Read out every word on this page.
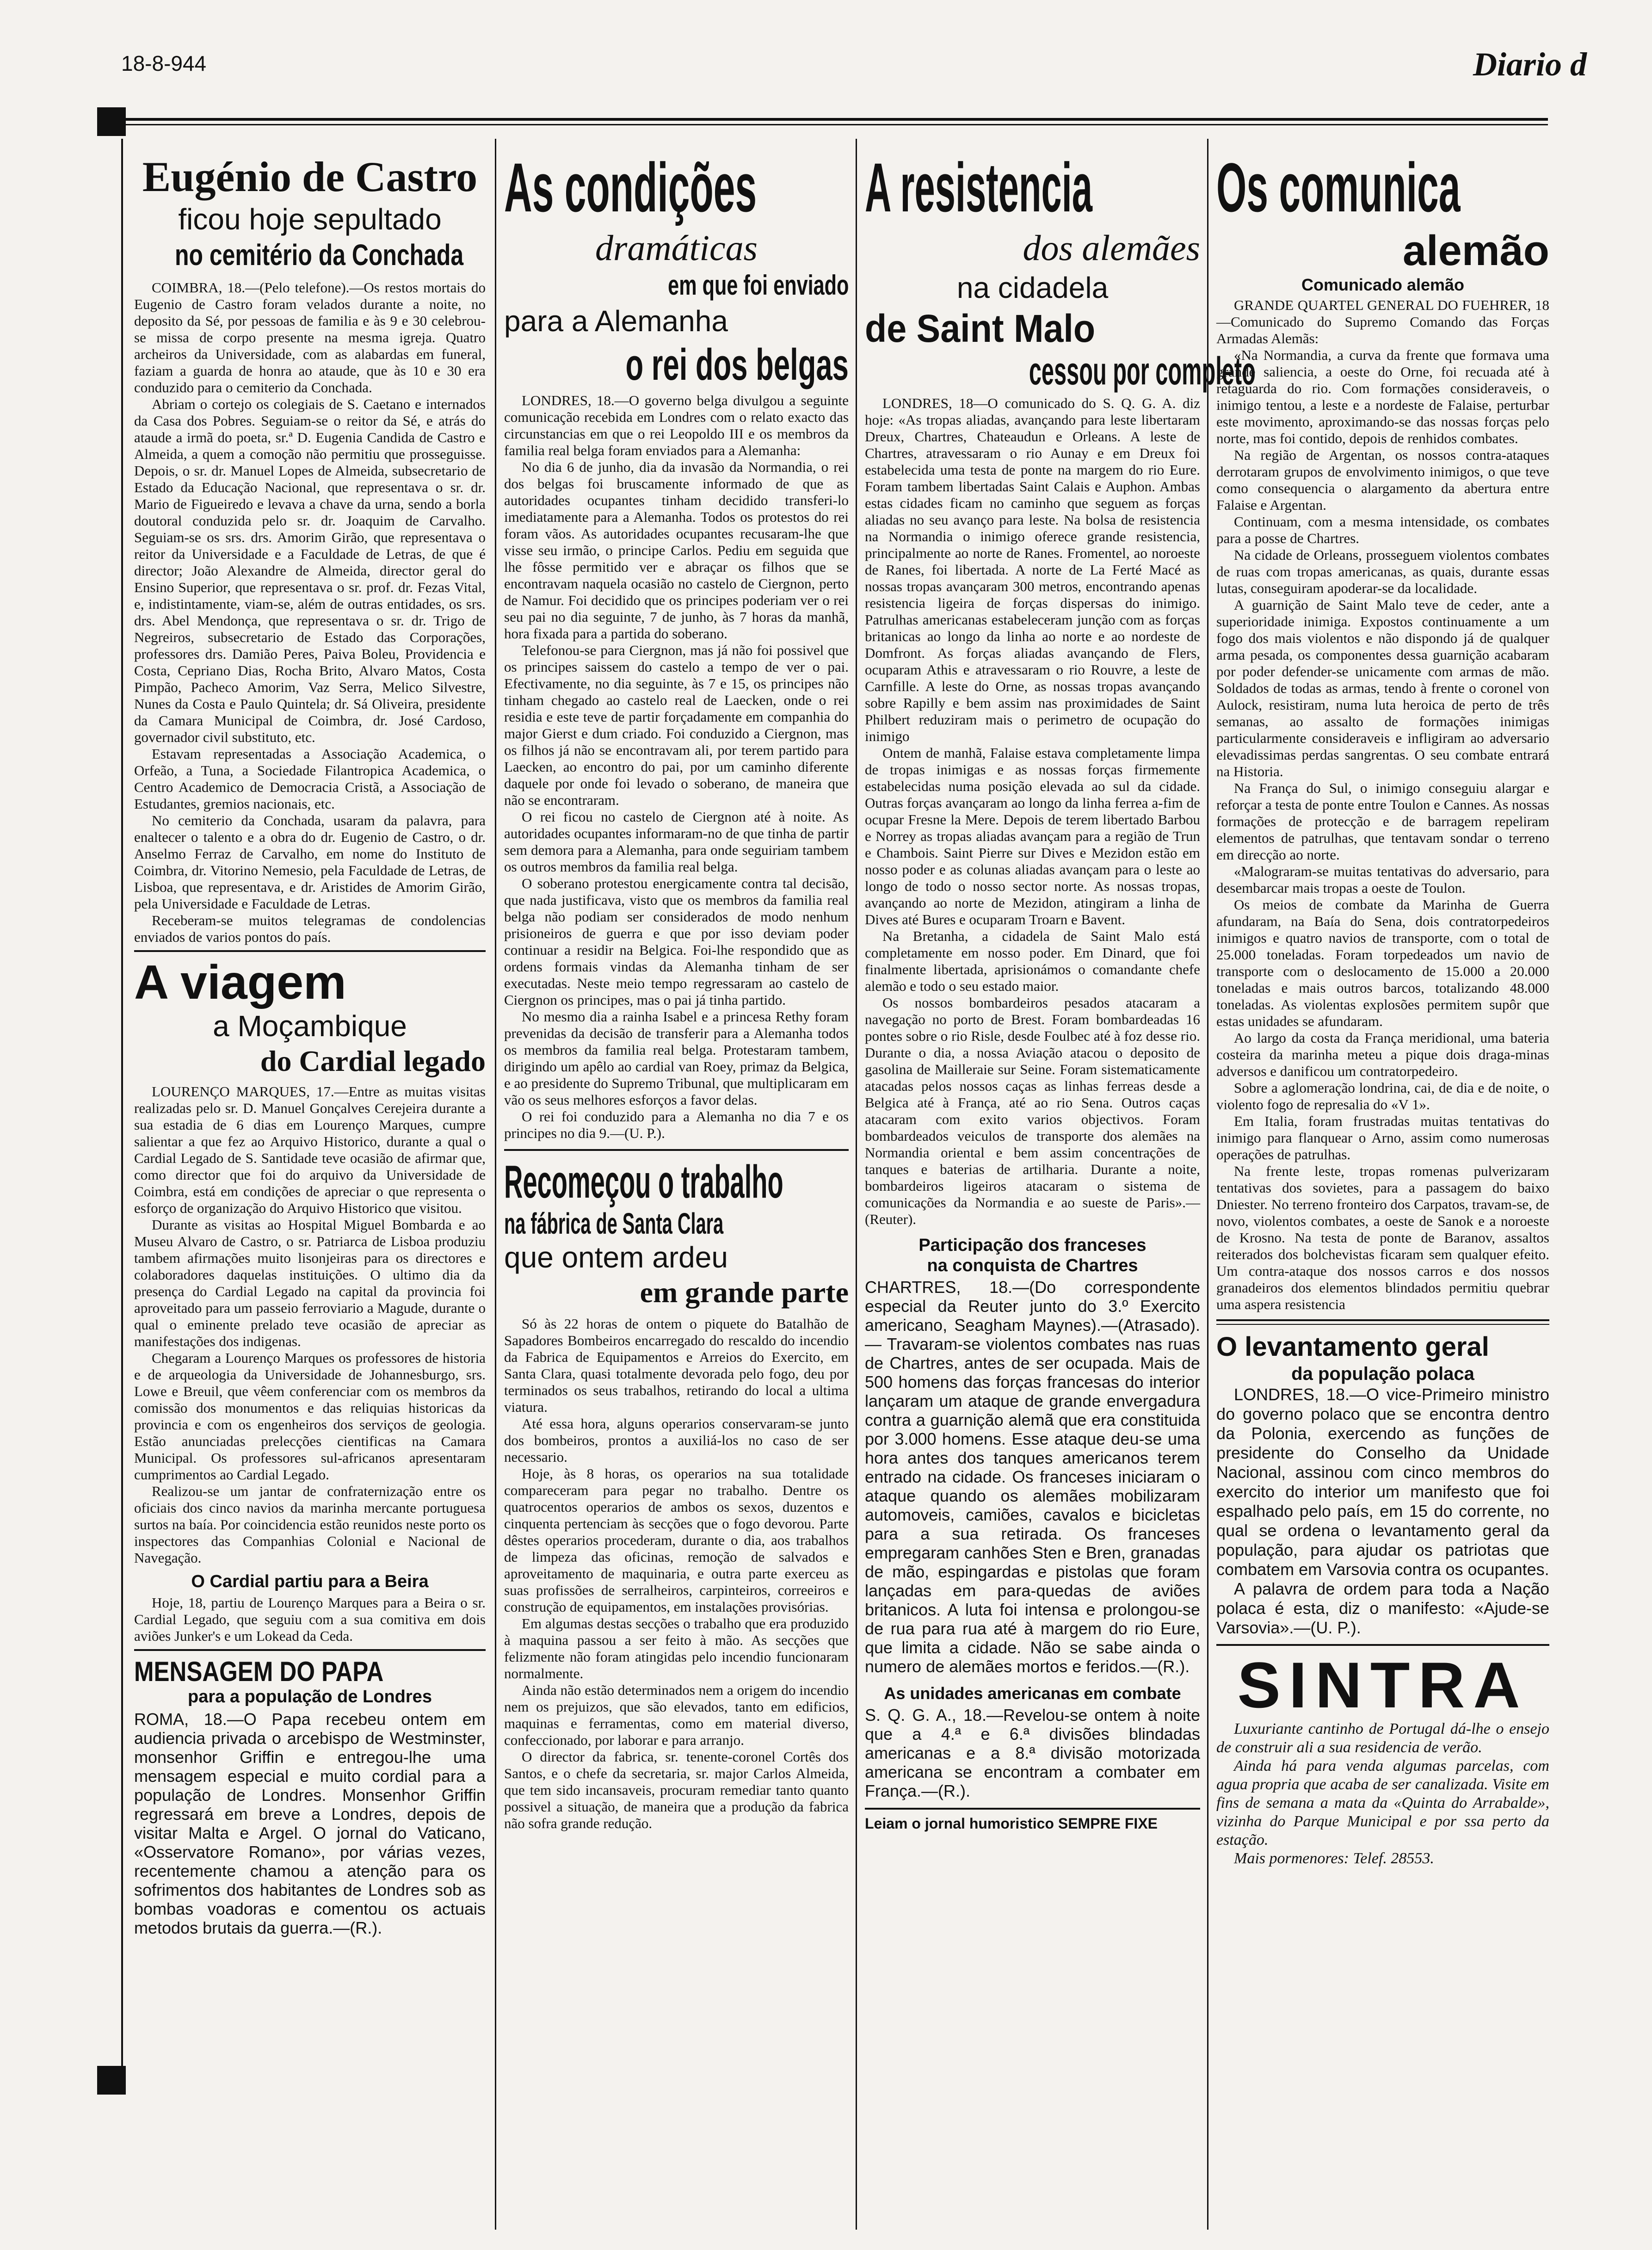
18-8-944	Diario d
Eugénio de Castro
ficou hoje sepultado
no cemitério da Conchada

COIMBRA, 18.—(Pelo telefone).—Os restos mortais do Eugenio de Castro foram velados durante a noite, no deposito da Sé, por pessoas de familia e às 9 e 30 celebrou-se missa de corpo presente na mesma igreja. Quatro archeiros da Universidade, com as alabardas em funeral, faziam a guarda de honra ao ataude, que às 10 e 30 era conduzido para o cemiterio da Conchada.

Abriam o cortejo os colegiais de S. Caetano e internados da Casa dos Pobres. Seguiam-se o reitor da Sé, e atrás do ataude a irmã do poeta, sr.ª D. Eugenia Candida de Castro e Almeida, a quem a comoção não permitiu que prosseguisse. Depois, o sr. dr. Manuel Lopes de Almeida, subsecretario de Estado da Educação Nacional, que representava o sr. dr. Mario de Figueiredo e levava a chave da urna, sendo a borla doutoral conduzida pelo sr. dr. Joaquim de Carvalho. Seguiam-se os srs. drs. Amorim Girão, que representava o reitor da Universidade e a Faculdade de Letras, de que é director; João Alexandre de Almeida, director geral do Ensino Superior, que representava o sr. prof. dr. Fezas Vital, e, indistintamente, viam-se, além de outras entidades, os srs. drs. Abel Mendonça, que representava o sr. dr. Trigo de Negreiros, subsecretario de Estado das Corporações, professores drs. Damião Peres, Paiva Boleu, Providencia e Costa, Cepriano Dias, Rocha Brito, Alvaro Matos, Costa Pimpão, Pacheco Amorim, Vaz Serra, Melico Silvestre, Nunes da Costa e Paulo Quintela; dr. Sá Oliveira, presidente da Camara Municipal de Coimbra, dr. José Cardoso, governador civil substituto, etc.

Estavam representadas a Associação Academica, o Orfeão, a Tuna, a Sociedade Filantropica Academica, o Centro Academico de Democracia Cristã, a Associação de Estudantes, gremios nacionais, etc.

No cemiterio da Conchada, usaram da palavra, para enaltecer o talento e a obra do dr. Eugenio de Castro, o dr. Anselmo Ferraz de Carvalho, em nome do Instituto de Coimbra, dr. Vitorino Nemesio, pela Faculdade de Letras, de Lisboa, que representava, e dr. Aristides de Amorim Girão, pela Universidade e Faculdade de Letras.

Receberam-se muitos telegramas de condolencias enviados de varios pontos do país.

A viagem
a Moçambique
do Cardial legado

LOURENÇO MARQUES, 17.—Entre as muitas visitas realizadas pelo sr. D. Manuel Gonçalves Cerejeira durante a sua estadia de 6 dias em Lourenço Marques, cumpre salientar a que fez ao Arquivo Historico, durante a qual o Cardial Legado de S. Santidade teve ocasião de afirmar que, como director que foi do arquivo da Universidade de Coimbra, está em condições de apreciar o que representa o esforço de organização do Arquivo Historico que visitou.

Durante as visitas ao Hospital Miguel Bombarda e ao Museu Alvaro de Castro, o sr. Patriarca de Lisboa produziu tambem afirmações muito lisonjeiras para os directores e colaboradores daquelas instituições. O ultimo dia da presença do Cardial Legado na capital da provincia foi aproveitado para um passeio ferroviario a Magude, durante o qual o eminente prelado teve ocasião de apreciar as manifestações dos indigenas.

Chegaram a Lourenço Marques os professores de historia e de arqueologia da Universidade de Johannesburgo, srs. Lowe e Breuil, que vêem conferenciar com os membros da comissão dos monumentos e das reliquias historicas da provincia e com os engenheiros dos serviços de geologia. Estão anunciadas prelecções cientificas na Camara Municipal. Os professores sul-africanos apresentaram cumprimentos ao Cardial Legado.

Realizou-se um jantar de confraternização entre os oficiais dos cinco navios da marinha mercante portuguesa surtos na baía. Por coincidencia estão reunidos neste porto os inspectores das Companhias Colonial e Nacional de Navegação.

O Cardial partiu para a Beira

Hoje, 18, partiu de Lourenço Marques para a Beira o sr. Cardial Legado, que seguiu com a sua comitiva em dois aviões Junker's e um Lokead da Ceda.

MENSAGEM DO PAPA
para a população de Londres
ROMA, 18.—O Papa recebeu ontem em audiencia privada o arcebispo de Westminster, monsenhor Griffin e entregou-lhe uma mensagem especial e muito cordial para a população de Londres. Monsenhor Griffin regressará em breve a Londres, depois de visitar Malta e Argel. O jornal do Vaticano, «Osservatore Romano», por várias vezes, recentemente chamou a atenção para os sofrimentos dos habitantes de Londres sob as bombas voadoras e comentou os actuais metodos brutais da guerra.—(R.).
As condições
dramáticas
em que foi enviado
para a Alemanha
o rei dos belgas

LONDRES, 18.—O governo belga divulgou a seguinte comunicação recebida em Londres com o relato exacto das circunstancias em que o rei Leopoldo III e os membros da familia real belga foram enviados para a Alemanha:

No dia 6 de junho, dia da invasão da Normandia, o rei dos belgas foi bruscamente informado de que as autoridades ocupantes tinham decidido transferi-lo imediatamente para a Alemanha. Todos os protestos do rei foram vãos. As autoridades ocupantes recusaram-lhe que visse seu irmão, o principe Carlos. Pediu em seguida que lhe fôsse permitido ver e abraçar os filhos que se encontravam naquela ocasião no castelo de Ciergnon, perto de Namur. Foi decidido que os principes poderiam ver o rei seu pai no dia seguinte, 7 de junho, às 7 horas da manhã, hora fixada para a partida do soberano.

Telefonou-se para Ciergnon, mas já não foi possivel que os principes saissem do castelo a tempo de ver o pai. Efectivamente, no dia seguinte, às 7 e 15, os principes não tinham chegado ao castelo real de Laecken, onde o rei residia e este teve de partir forçadamente em companhia do major Gierst e dum criado. Foi conduzido a Ciergnon, mas os filhos já não se encontravam ali, por terem partido para Laecken, ao encontro do pai, por um caminho diferente daquele por onde foi levado o soberano, de maneira que não se encontraram.

O rei ficou no castelo de Ciergnon até à noite. As autoridades ocupantes informaram-no de que tinha de partir sem demora para a Alemanha, para onde seguiriam tambem os outros membros da familia real belga.

O soberano protestou energicamente contra tal decisão, que nada justificava, visto que os membros da familia real belga não podiam ser considerados de modo nenhum prisioneiros de guerra e que por isso deviam poder continuar a residir na Belgica. Foi-lhe respondido que as ordens formais vindas da Alemanha tinham de ser executadas. Neste meio tempo regressaram ao castelo de Ciergnon os principes, mas o pai já tinha partido.

No mesmo dia a rainha Isabel e a princesa Rethy foram prevenidas da decisão de transferir para a Alemanha todos os membros da familia real belga. Protestaram tambem, dirigindo um apêlo ao cardial van Roey, primaz da Belgica, e ao presidente do Supremo Tribunal, que multiplicaram em vão os seus melhores esforços a favor delas.

O rei foi conduzido para a Alemanha no dia 7 e os principes no dia 9.—(U. P.).

Recomeçou o trabalho
na fábrica de Santa Clara
que ontem ardeu
em grande parte

Só às 22 horas de ontem o piquete do Batalhão de Sapadores Bombeiros encarregado do rescaldo do incendio da Fabrica de Equipamentos e Arreios do Exercito, em Santa Clara, quasi totalmente devorada pelo fogo, deu por terminados os seus trabalhos, retirando do local a ultima viatura.

Até essa hora, alguns operarios conservaram-se junto dos bombeiros, prontos a auxiliá-los no caso de ser necessario.

Hoje, às 8 horas, os operarios na sua totalidade compareceram para pegar no trabalho. Dentre os quatrocentos operarios de ambos os sexos, duzentos e cinquenta pertenciam às secções que o fogo devorou. Parte dêstes operarios procederam, durante o dia, aos trabalhos de limpeza das oficinas, remoção de salvados e aproveitamento de maquinaria, e outra parte exerceu as suas profissões de serralheiros, carpinteiros, correeiros e construção de equipamentos, em instalações provisórias.

Em algumas destas secções o trabalho que era produzido à maquina passou a ser feito à mão. As secções que felizmente não foram atingidas pelo incendio funcionaram normalmente.

Ainda não estão determinados nem a origem do incendio nem os prejuizos, que são elevados, tanto em edificios, maquinas e ferramentas, como em material diverso, confeccionado, por laborar e para arranjo.

O director da fabrica, sr. tenente-coronel Cortês dos Santos, e o chefe da secretaria, sr. major Carlos Almeida, que tem sido incansaveis, procuram remediar tanto quanto possivel a situação, de maneira que a produção da fabrica não sofra grande redução.

A resistencia
dos alemães
na cidadela
de Saint Malo
cessou por completo

LONDRES, 18—O comunicado do S. Q. G. A. diz hoje: «As tropas aliadas, avançando para leste libertaram Dreux, Chartres, Chateaudun e Orleans. A leste de Chartres, atravessaram o rio Aunay e em Dreux foi estabelecida uma testa de ponte na margem do rio Eure. Foram tambem libertadas Saint Calais e Auphon. Ambas estas cidades ficam no caminho que seguem as forças aliadas no seu avanço para leste. Na bolsa de resistencia na Normandia o inimigo oferece grande resistencia, principalmente ao norte de Ranes. Fromentel, ao noroeste de Ranes, foi libertada. A norte de La Ferté Macé as nossas tropas avançaram 300 metros, encontrando apenas resistencia ligeira de forças dispersas do inimigo. Patrulhas americanas estabeleceram junção com as forças britanicas ao longo da linha ao norte e ao nordeste de Domfront. As forças aliadas avançando de Flers, ocuparam Athis e atravessaram o rio Rouvre, a leste de Carnfille. A leste do Orne, as nossas tropas avançando sobre Rapilly e bem assim nas proximidades de Saint Philbert reduziram mais o perimetro de ocupação do inimigo

Ontem de manhã, Falaise estava completamente limpa de tropas inimigas e as nossas forças firmemente estabelecidas numa posição elevada ao sul da cidade. Outras forças avançaram ao longo da linha ferrea a-fim de ocupar Fresne la Mere. Depois de terem libertado Barbou e Norrey as tropas aliadas avançam para a região de Trun e Chambois. Saint Pierre sur Dives e Mezidon estão em nosso poder e as colunas aliadas avançam para o leste ao longo de todo o nosso sector norte. As nossas tropas, avançando ao norte de Mezidon, atingiram a linha de Dives até Bures e ocuparam Troarn e Bavent.

Na Bretanha, a cidadela de Saint Malo está completamente em nosso poder. Em Dinard, que foi finalmente libertada, aprisionámos o comandante chefe alemão e todo o seu estado maior.

Os nossos bombardeiros pesados atacaram a navegação no porto de Brest. Foram bombardeadas 16 pontes sobre o rio Risle, desde Foulbec até à foz desse rio. Durante o dia, a nossa Aviação atacou o deposito de gasolina de Mailleraie sur Seine. Foram sistematicamente atacadas pelos nossos caças as linhas ferreas desde a Belgica até à França, até ao rio Sena. Outros caças atacaram com exito varios objectivos. Foram bombardeados veiculos de transporte dos alemães na Normandia oriental e bem assim concentrações de tanques e baterias de artilharia. Durante a noite, bombardeiros ligeiros atacaram o sistema de comunicações da Normandia e ao sueste de Paris».—(Reuter).

Participação dos franceses
na conquista de Chartres
CHARTRES, 18.—(Do correspondente especial da Reuter junto do 3.º Exercito americano, Seagham Maynes).—(Atrasado). — Travaram-se violentos combates nas ruas de Chartres, antes de ser ocupada. Mais de 500 homens das forças francesas do interior lançaram um ataque de grande envergadura contra a guarnição alemã que era constituida por 3.000 homens. Esse ataque deu-se uma hora antes dos tanques americanos terem entrado na cidade. Os franceses iniciaram o ataque quando os alemães mobilizaram automoveis, camiões, cavalos e bicicletas para a sua retirada. Os franceses empregaram canhões Sten e Bren, granadas de mão, espingardas e pistolas que foram lançadas em para-quedas de aviões britanicos. A luta foi intensa e prolongou-se de rua para rua até à margem do rio Eure, que limita a cidade. Não se sabe ainda o numero de alemães mortos e feridos.—(R.).
As unidades americanas em combate
S. Q. G. A., 18.—Revelou-se ontem à noite que a 4.ª e 6.ª divisões blindadas americanas e a 8.ª divisão motorizada americana se encontram a combater em França.—(R.).
Leiam o jornal humoristico SEMPRE FIXE
Os comunica
alemão
Comunicado alemão

GRANDE QUARTEL GENERAL DO FUEHRER, 18—Comunicado do Supremo Comando das Forças Armadas Alemãs:

«Na Normandia, a curva da frente que formava uma grande saliencia, a oeste do Orne, foi recuada até à retaguarda do rio. Com formações consideraveis, o inimigo tentou, a leste e a nordeste de Falaise, perturbar este movimento, aproximando-se das nossas forças pelo norte, mas foi contido, depois de renhidos combates.

Na região de Argentan, os nossos contra-ataques derrotaram grupos de envolvimento inimigos, o que teve como consequencia o alargamento da abertura entre Falaise e Argentan.

Continuam, com a mesma intensidade, os combates para a posse de Chartres.

Na cidade de Orleans, prosseguem violentos combates de ruas com tropas americanas, as quais, durante essas lutas, conseguiram apoderar-se da localidade.

A guarnição de Saint Malo teve de ceder, ante a superioridade inimiga. Expostos continuamente a um fogo dos mais violentos e não dispondo já de qualquer arma pesada, os componentes dessa guarnição acabaram por poder defender-se unicamente com armas de mão. Soldados de todas as armas, tendo à frente o coronel von Aulock, resistiram, numa luta heroica de perto de três semanas, ao assalto de formações inimigas particularmente consideraveis e infligiram ao adversario elevadissimas perdas sangrentas. O seu combate entrará na Historia.

Na França do Sul, o inimigo conseguiu alargar e reforçar a testa de ponte entre Toulon e Cannes. As nossas formações de protecção e de barragem repeliram elementos de patrulhas, que tentavam sondar o terreno em direcção ao norte.

«Malograram-se muitas tentativas do adversario, para desembarcar mais tropas a oeste de Toulon.

Os meios de combate da Marinha de Guerra afundaram, na Baía do Sena, dois contratorpedeiros inimigos e quatro navios de transporte, com o total de 25.000 toneladas. Foram torpedeados um navio de transporte com o deslocamento de 15.000 a 20.000 toneladas e mais outros barcos, totalizando 48.000 toneladas. As violentas explosões permitem supôr que estas unidades se afundaram.

Ao largo da costa da França meridional, uma bateria costeira da marinha meteu a pique dois draga-minas adversos e danificou um contratorpedeiro.

Sobre a aglomeração londrina, cai, de dia e de noite, o violento fogo de represalia do «V 1».

Em Italia, foram frustradas muitas tentativas do inimigo para flanquear o Arno, assim como numerosas operações de patrulhas.

Na frente leste, tropas romenas pulverizaram tentativas dos sovietes, para a passagem do baixo Dniester. No terreno fronteiro dos Carpatos, travam-se, de novo, violentos combates, a oeste de Sanok e a noroeste de Krosno. Na testa de ponte de Baranov, assaltos reiterados dos bolchevistas ficaram sem qualquer efeito. Um contra-ataque dos nossos carros e dos nossos granadeiros dos elementos blindados permitiu quebrar uma aspera resistencia

O levantamento geral
da população polaca
LONDRES, 18.—O vice-Primeiro ministro do governo polaco que se encontra dentro da Polonia, exercendo as funções de presidente do Conselho da Unidade Nacional, assinou com cinco membros do exercito do interior um manifesto que foi espalhado pelo país, em 15 do corrente, no qual se ordena o levantamento geral da população, para ajudar os patriotas que combatem em Varsovia contra os ocupantes.
A palavra de ordem para toda a Nação polaca é esta, diz o manifesto: «Ajude-se Varsovia».—(U. P.).
SINTRA
Luxuriante cantinho de Portugal dá-lhe o ensejo de construir ali a sua residencia de verão.
Ainda há para venda algumas parcelas, com agua propria que acaba de ser canalizada. Visite em fins de semana a mata da «Quinta do Arrabalde», vizinha do Parque Municipal e por ssa perto da estação.
Mais pormenores: Telef. 28553.
